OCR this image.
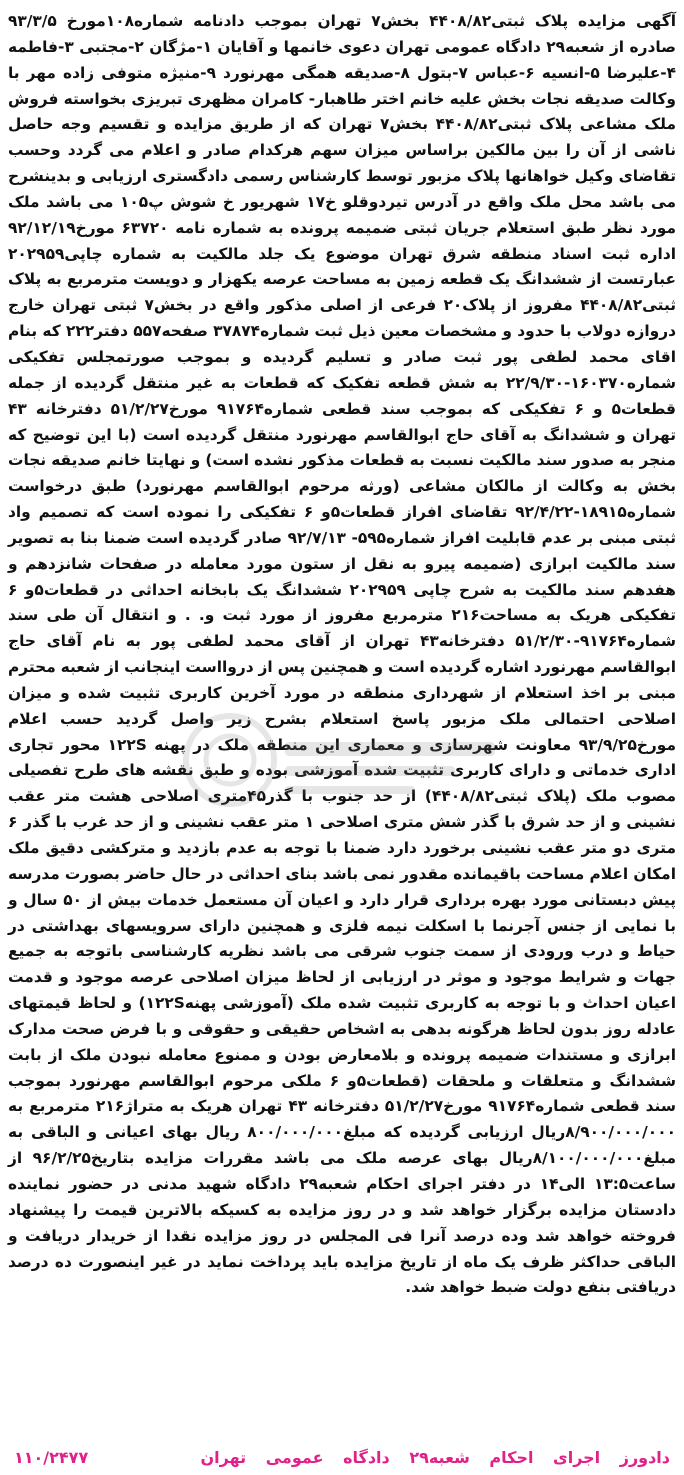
آگهی مزایده پلاک ثبتی۴۴۰۸/۸۲ بخش۷ تهران بموجب دادنامه شماره۱۰۸مورخ ۹۳/۳/۵ صادره از شعبه۲۹ دادگاه عمومی تهران دعوی خانمها و آقایان ۱-مژگان ۲-مجتبی ۳-فاطمه ۴-علیرضا ۵-انسیه ۶-عباس ۷-بتول ۸-صدیقه همگی مهرنورد ۹-منیژه متوفی زاده مهر با وکالت صدیقه نجات بخش علیه خانم اختر طاهبار- کامران مظهری تبریزی بخواسته فروش ملک مشاعی پلاک ثبتی۴۴۰۸/۸۲ بخش۷ تهران که از طریق مزایده و تقسیم وجه حاصل ناشی از آن را بین مالکین براساس میزان سهم هرکدام صادر و اعلام می گردد وحسب تقاضای وکیل خواهانها پلاک مزبور توسط کارشناس رسمی دادگستری ارزیابی و بدینشرح می باشد محل ملک واقع در آدرس تیردوقلو خ۱۷ شهریور خ شوش پ۱۰۵ می باشد ملک مورد نظر طبق استعلام جریان ثبتی ضمیمه پرونده به شماره نامه ۶۳۷۲۰ مورخ۹۲/۱۲/۱۹ اداره ثبت اسناد منطقه شرق تهران موضوع یک جلد مالکیت به شماره چاپی۲۰۲۹۵۹ عبارتست از ششدانگ یک قطعه زمین به مساحت عرصه یکهزار و دویست مترمربع به پلاک ثبتی۴۴۰۸/۸۲ مفروز از پلاک۲۰ فرعی از اصلی مذکور واقع در بخش۷ ثبتی تهران خارج دروازه دولاب با حدود و مشخصات معین ذیل ثبت شماره۳۷۸۷۴ صفحه۵۵۷ دفتر۲۲۲ که بنام اقای محمد لطفی پور ثبت صادر و تسلیم گردیده و بموجب صورتمجلس تفکیکی شماره۱۶۰۳۷۰-۲۲/۹/۳۰ به شش قطعه تفکیک که قطعات به غیر منتقل گردیده از جمله قطعات۵ و ۶ تفکیکی که بموجب سند قطعی شماره۹۱۷۶۴ مورخ۵۱/۲/۲۷ دفترخانه ۴۳ تهران و ششدانگ به آقای حاج ابوالقاسم مهرنورد منتقل گردیده است (با این توضیح که منجر به صدور سند مالکیت نسبت به قطعات مذکور نشده است) و نهایتا خانم صدیقه نجات بخش به وکالت از مالکان مشاعی (ورثه مرحوم ابوالقاسم مهرنورد) طبق درخواست شماره۱۸۹۱۵-۹۲/۴/۲۲ تقاضای افراز قطعات۵و ۶ تفکیکی را نموده است که تصمیم واد ثبتی مبنی بر عدم قابلیت افراز شماره۵۹۵- ۹۲/۷/۱۳ صادر گردیده است ضمنا بنا به تصویر سند مالکیت ابرازی (ضمیمه پیرو به نقل از ستون مورد معامله در صفحات شانزدهم و هفدهم سند مالکیت به شرح چاپی ۲۰۲۹۵۹ ششدانگ یک بابخانه احداثی در قطعات۵و ۶ تفکیکی هریک به مساحت۲۱۶ مترمربع مفروز از مورد ثبت و. . و انتقال آن طی سند شماره۹۱۷۶۴-۵۱/۲/۳۰ دفترخانه۴۳ تهران از آقای محمد لطفی پور به نام آقای حاج ابوالقاسم مهرنورد اشاره گردیده است و همچنین پس از دروااست اینجانب از شعبه محترم مبنی بر اخذ استعلام از شهرداری منطقه در مورد آخرین کاربری تثبیت شده و میزان اصلاحی احتمالی ملک مزبور پاسخ استعلام بشرح زیر واصل گردید حسب اعلام مورخ۹۳/۹/۲۵ معاونت شهرسازی و معماری این منطقه ملک در پهنه ۱۲۲S محور تجاری اداری خدماتی و دارای کاربری تثبیت شده آموزشی بوده و طبق نقشه های طرح تفصیلی مصوب ملک (پلاک ثبتی۴۴۰۸/۸۲) از حد جنوب با گذر۴۵متری اصلاحی هشت متر عقب نشینی و از حد شرق با گذر شش متری اصلاحی ۱ متر عقب نشینی و از حد غرب با گذر ۶ متری دو متر عقب نشینی برخورد دارد ضمنا با توجه به عدم بازدید و مترکشی دقیق ملک امکان اعلام مساحت باقیمانده مقدور نمی باشد بنای احداثی در حال حاضر بصورت مدرسه پیش دبستانی مورد بهره برداری قرار دارد و اعیان آن مستعمل خدمات بیش از ۵۰ سال و با نمایی از جنس آجرنما با اسکلت نیمه فلزی و همچنین دارای سرویسهای بهداشتی در حیاط و درب ورودی از سمت جنوب شرقی می باشد نظریه کارشناسی باتوجه به جمیع جهات و شرایط موجود و موثر در ارزیابی از لحاظ میزان اصلاحی عرصه موجود و قدمت اعیان احداث و با توجه به کاربری تثبیت شده ملک (آموزشی پهنه۱۲۲S) و لحاظ قیمتهای عادله روز بدون لحاظ هرگونه بدهی به اشخاص حقیقی و حقوقی و با فرض صحت مدارک ابرازی و مستندات ضمیمه پرونده و بلامعارض بودن و ممنوع معامله نبودن ملک از بابت ششدانگ و متعلقات و ملحقات (قطعات۵و ۶ ملکی مرحوم ابوالقاسم مهرنورد بموجب سند قطعی شماره۹۱۷۶۴ مورخ۵۱/۲/۲۷ دفترخانه ۴۳ تهران هریک به متراژ۲۱۶ مترمربع به ۸/۹۰۰/۰۰۰/۰۰۰ریال ارزیابی گردیده که مبلغ۸۰۰/۰۰۰/۰۰۰ ریال بهای اعیانی و الباقی به مبلغ۸/۱۰۰/۰۰۰/۰۰۰ریال بهای عرصه ملک می باشد مقررات مزایده بتاریخ۹۶/۲/۲۵ از ساعت۱۳:۵ الی۱۴ در دفتر اجرای احکام شعبه۲۹ دادگاه شهید مدنی در حضور نماینده دادستان مزایده برگزار خواهد شد و در روز مزایده به کسیکه بالاترین قیمت را پیشنهاد فروخته خواهد شد وده درصد آنرا فی المجلس در روز مزایده نقدا از خریدار دریافت و الباقی حداکثر ظرف یک ماه از تاریخ مزایده باید پرداخت نماید در غیر اینصورت ده درصد دریافتی بنفع دولت ضبط خواهد شد.

دادورز اجرای احکام شعبه۲۹ دادگاه عمومی تهران
۱۱۰/۲۴۷۷
